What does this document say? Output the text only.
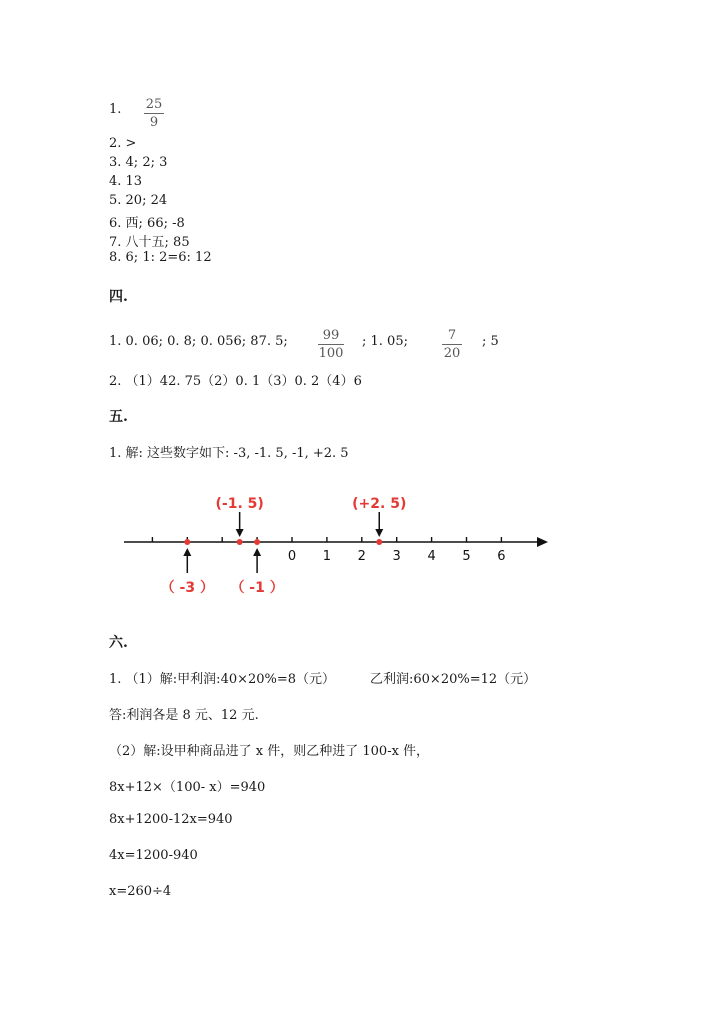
1. 25
9
2. >
3. 4; 2; 3
4. 13
5. 20; 24
6. 西; 66; -8
7. 八十五; 85
8. 6; 1: 2=6: 12
四.
1. 0. 06; 0. 8; 0. 056; 87. 5;	99
100
; 1. 05;	7
20
; 5
2. （1）42. 75（2）0. 1（3）0. 2（4）6
五.
1. 解: 这些数字如下: -3, -1. 5, -1, +2. 5
0 1 2 3 4 5 6
（ -3 ）
(-1. 5)
（ -1 ）
(+2. 5)
六.
1. （1）解:甲利润:40×20%=8（元）	乙利润:60×20%=12（元）
答:利润各是 8 元、12 元.
（2）解:设甲种商品进了 x 件，则乙种进了 100-x 件，
8x+12×（100- x）=940
8x+1200-12x=940
4x=1200-940
x=260÷4
